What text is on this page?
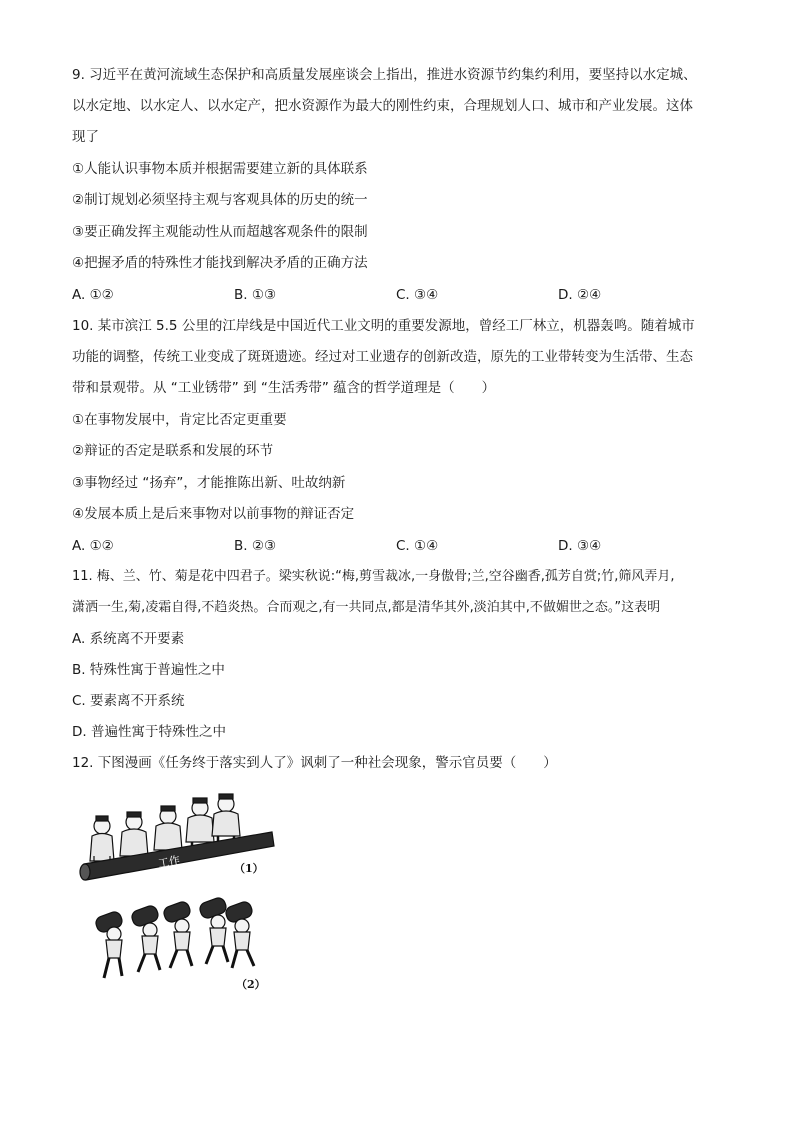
9. 习近平在黄河流域生态保护和高质量发展座谈会上指出，推进水资源节约集约利用，要坚持以水定城、
以水定地、以水定人、以水定产，把水资源作为最大的刚性约束，合理规划人口、城市和产业发展。这体
现了
①人能认识事物本质并根据需要建立新的具体联系
②制订规划必须坚持主观与客观具体的历史的统一
③要正确发挥主观能动性从而超越客观条件的限制
④把握矛盾的特殊性才能找到解决矛盾的正确方法
A. ①②	B. ①③	C. ③④	D. ②④
10. 某市滨江 5.5 公里的江岸线是中国近代工业文明的重要发源地，曾经工厂林立，机器轰鸣。随着城市
功能的调整，传统工业变成了斑斑遗迹。经过对工业遗存的创新改造，原先的工业带转变为生活带、生态
带和景观带。从 “工业锈带” 到 “生活秀带” 蕴含的哲学道理是（　　）
①在事物发展中，肯定比否定更重要
②辩证的否定是联系和发展的环节
③事物经过 “扬弃”，才能推陈出新、吐故纳新
④发展本质上是后来事物对以前事物的辩证否定
A. ①②	B. ②③	C. ①④	D. ③④
11. 梅、兰、竹、菊是花中四君子。梁实秋说:“梅,剪雪裁冰,一身傲骨;兰,空谷幽香,孤芳自赏;竹,筛风弄月,
潇洒一生,菊,凌霜自得,不趋炎热。合而观之,有一共同点,都是清华其外,淡泊其中,不做媚世之态。”这表明
A. 系统离不开要素
B. 特殊性寓于普遍性之中
C. 要素离不开系统
D. 普遍性寓于特殊性之中
12. 下图漫画《任务终于落实到人了》讽刺了一种社会现象，警示官员要（　　）
工作	（1）
（2）
